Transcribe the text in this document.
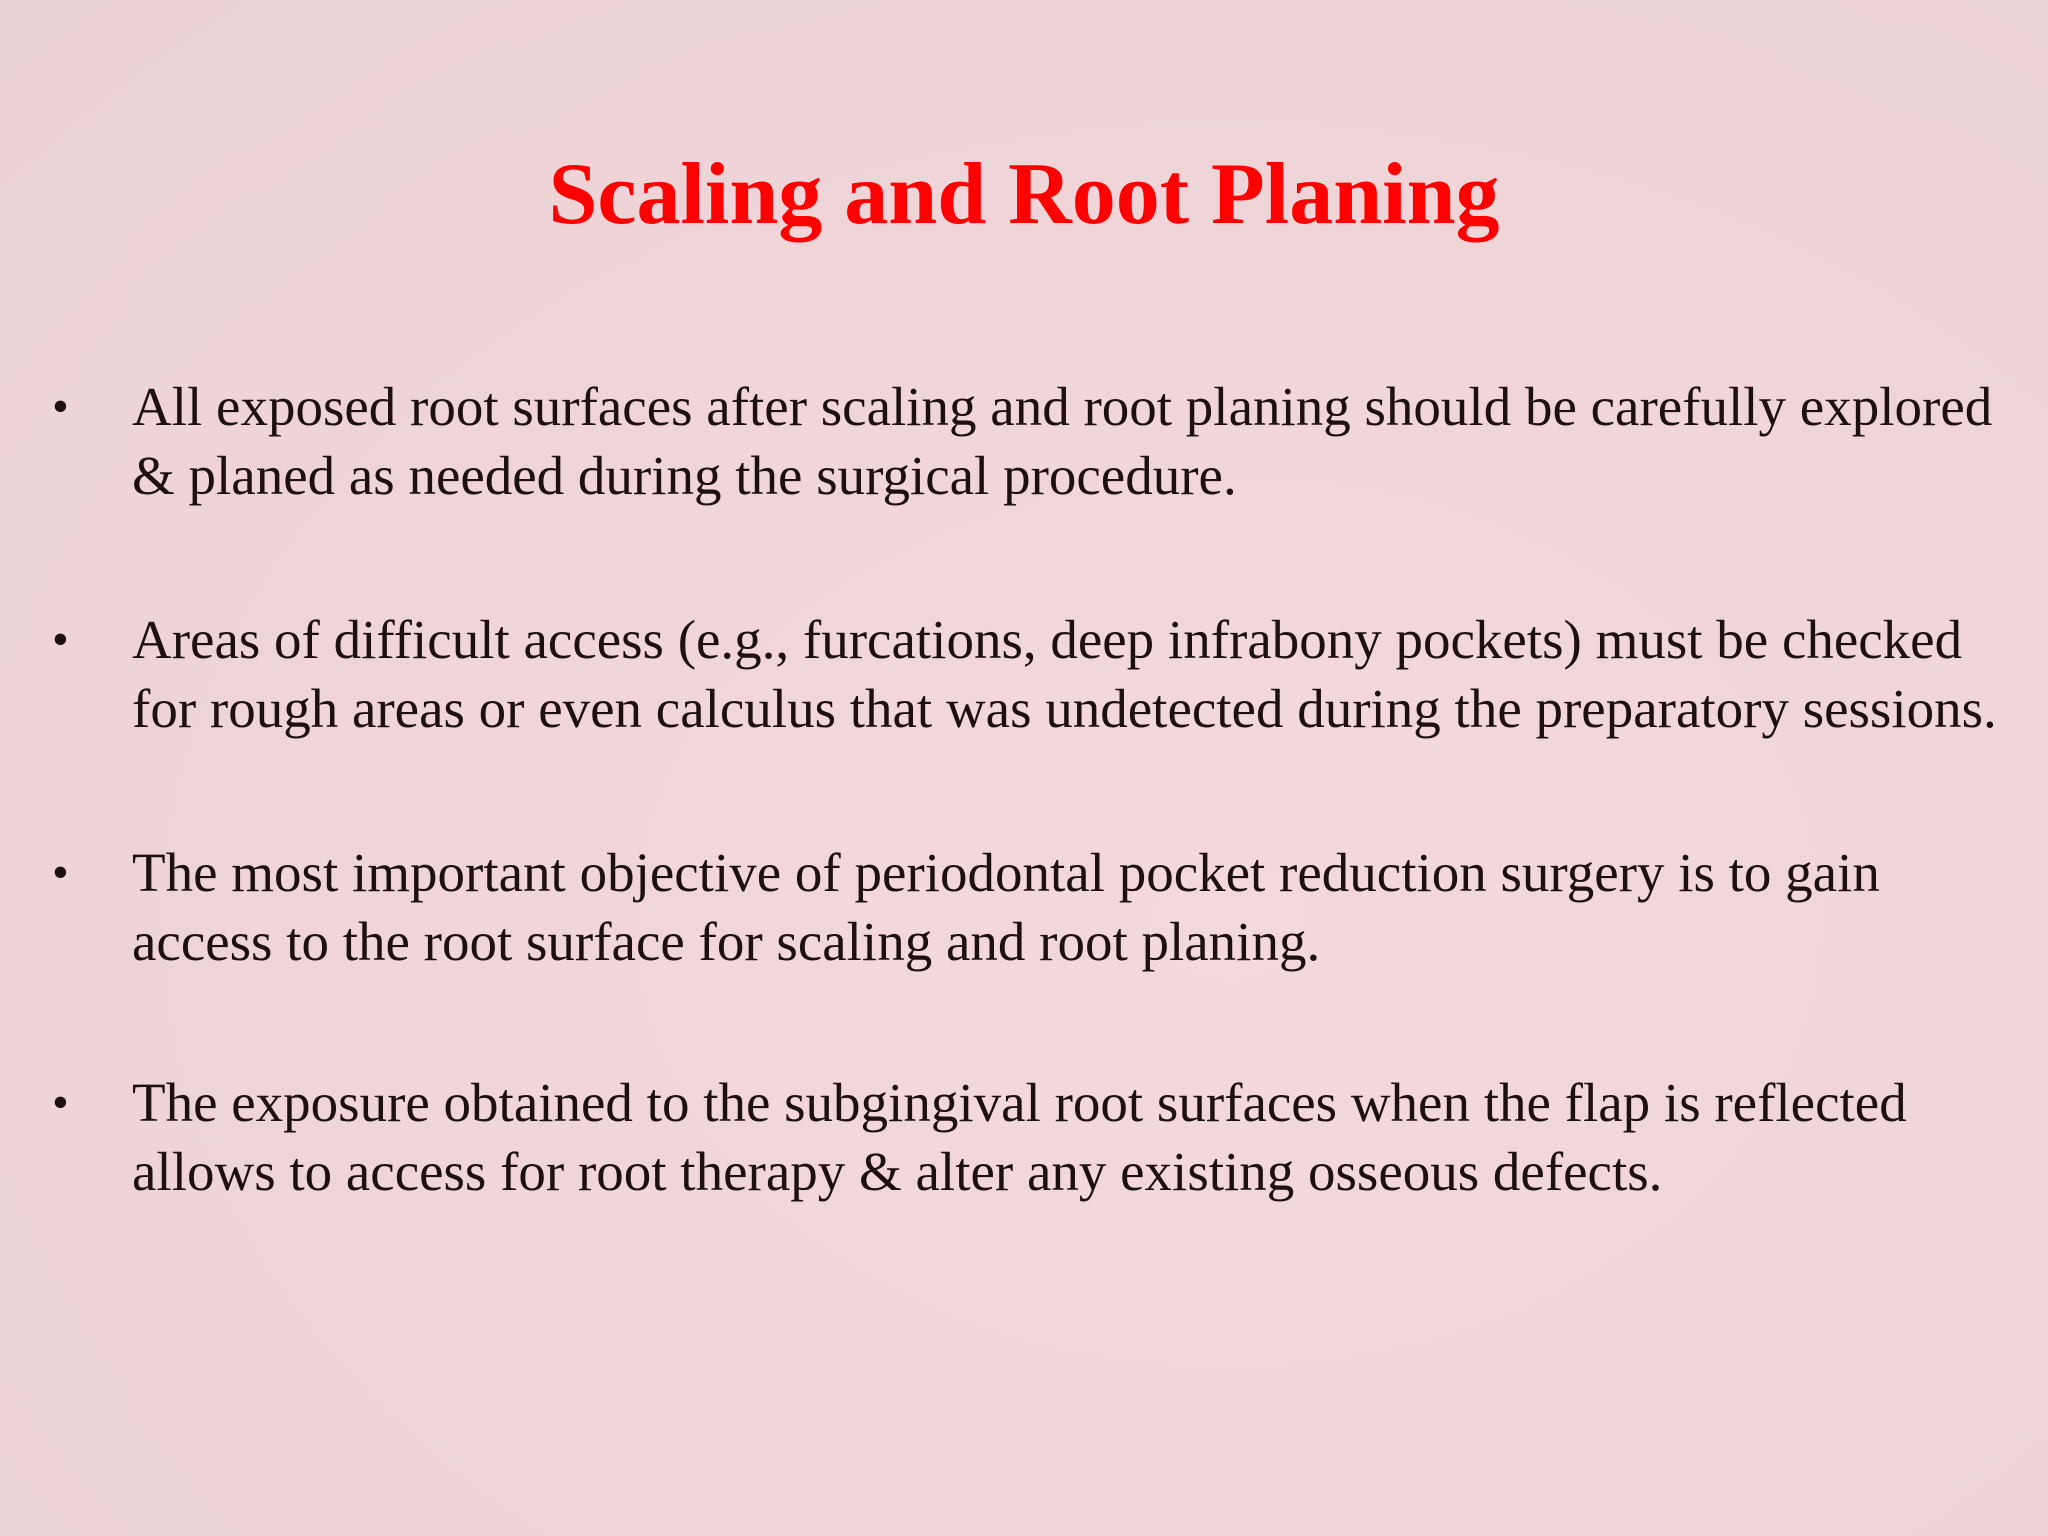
Scaling and Root Planing
• All exposed root surfaces after scaling and root planing should be carefully explored & planed as needed during the surgical procedure.
• Areas of difficult access (e.g., furcations, deep infrabony pockets) must be checked for rough areas or even calculus that was undetected during the preparatory sessions.
• The most important objective of periodontal pocket reduction surgery is to gain access to the root surface for scaling and root planing.
• The exposure obtained to the subgingival root surfaces when the flap is reflected allows to access for root therapy & alter any existing osseous defects.
